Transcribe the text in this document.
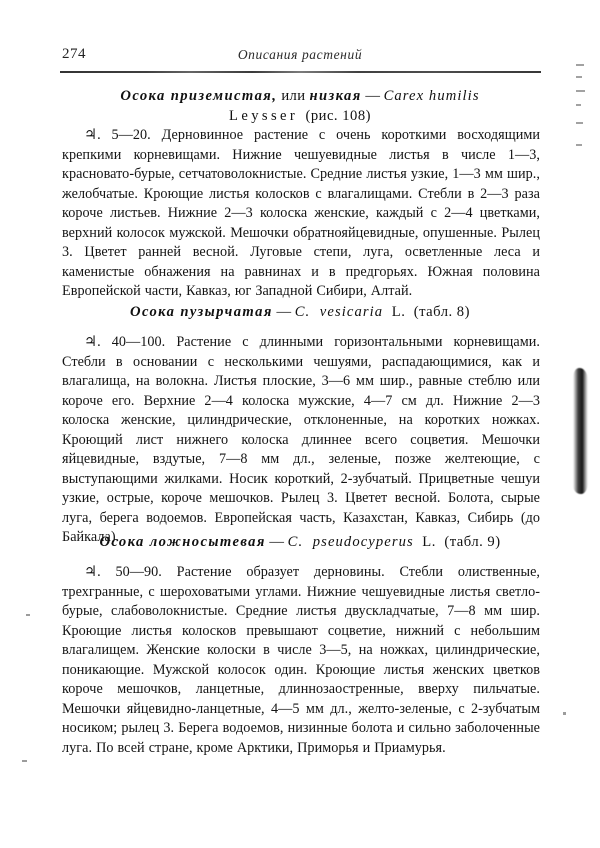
274	Описания растений
Осока приземистая, или низкая — Carex humilis
Leysser (рис. 108)
♃. 5—20. Дерновинное растение с очень короткими восходящими крепкими корневищами. Нижние чешуевидные листья в числе 1—3, красновато-бурые, сетчатоволокнистые. Средние листья узкие, 1—3 мм шир., желобчатые. Кроющие листья колосков с влагалищами. Стебли в 2—3 раза короче листьев. Нижние 2—3 колоска женские, каждый с 2—4 цветками, верхний колосок мужской. Мешочки обратнояйцевидные, опушенные. Рылец 3. Цветет ранней весной. Луговые степи, луга, осветленные леса и каменистые обнажения на равнинах и в предгорьях. Южная половина Европейской части, Кавказ, юг Западной Сибири, Алтай.
Осока пузырчатая — C. vesicaria L. (табл. 8)
♃. 40—100. Растение с длинными горизонтальными корневищами. Стебли в основании с несколькими чешуями, распадающимися, как и влагалища, на волокна. Листья плоские, 3—6 мм шир., равные стеблю или короче его. Верхние 2—4 колоска мужские, 4—7 см дл. Нижние 2—3 колоска женские, цилиндрические, отклоненные, на коротких ножках. Кроющий лист нижнего колоска длиннее всего соцветия. Мешочки яйцевидные, вздутые, 7—8 мм дл., зеленые, позже желтеющие, с выступающими жилками. Носик короткий, 2-зубчатый. Прицветные чешуи узкие, острые, короче мешочков. Рылец 3. Цветет весной. Болота, сырые луга, берега водоемов. Европейская часть, Казахстан, Кавказ, Сибирь (до Байкала).
Осока ложносытевая — C. pseudocyperus L. (табл. 9)
♃. 50—90. Растение образует дерновины. Стебли олиственные, трехгранные, с шероховатыми углами. Нижние чешуевидные листья светло-бурые, слабоволокнистые. Средние листья двускладчатые, 7—8 мм шир. Кроющие листья колосков превышают соцветие, нижний с небольшим влагалищем. Женские колоски в числе 3—5, на ножках, цилиндрические, поникающие. Мужской колосок один. Кроющие листья женских цветков короче мешочков, ланцетные, длиннозаостренные, вверху пильчатые. Мешочки яйцевидно-ланцетные, 4—5 мм дл., желто-зеленые, с 2-зубчатым носиком; рылец 3. Берега водоемов, низинные болота и сильно заболоченные луга. По всей стране, кроме Арктики, Приморья и Приамурья.
